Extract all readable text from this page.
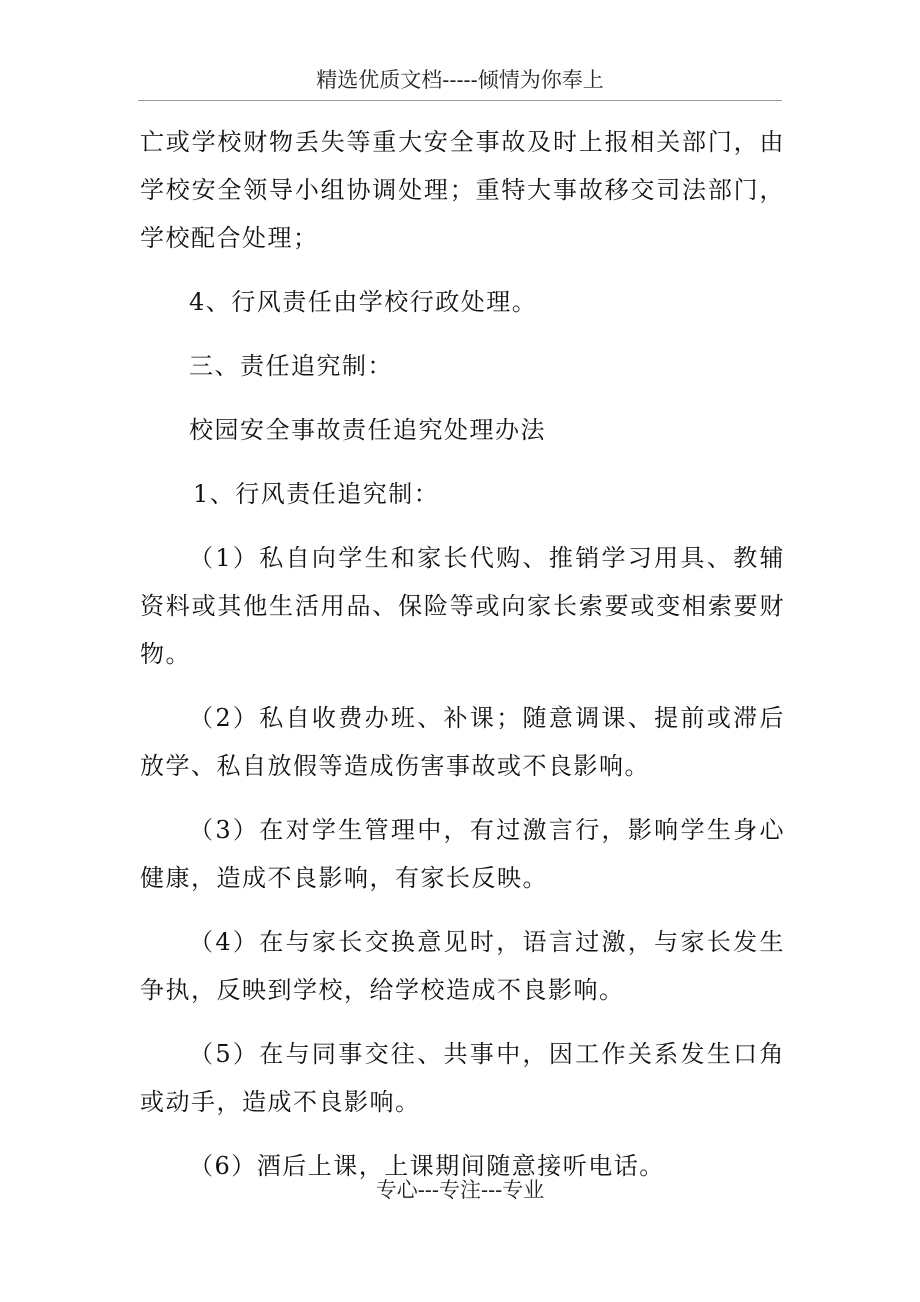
精选优质文档-----倾情为你奉上

亡或学校财物丢失等重大安全事故及时上报相关部门，由学校安全领导小组协调处理；重特大事故移交司法部门，学校配合处理；

4、行风责任由学校行政处理。

三、责任追究制：

校园安全事故责任追究处理办法

1、行风责任追究制：

（1）私自向学生和家长代购、推销学习用具、教辅资料或其他生活用品、保险等或向家长索要或变相索要财物。

（2）私自收费办班、补课；随意调课、提前或滞后放学、私自放假等造成伤害事故或不良影响。

（3）在对学生管理中，有过激言行，影响学生身心健康，造成不良影响，有家长反映。

（4）在与家长交换意见时，语言过激，与家长发生争执，反映到学校，给学校造成不良影响。

（5）在与同事交往、共事中，因工作关系发生口角或动手，造成不良影响。

（6）酒后上课，上课期间随意接听电话。

专心---专注---专业
